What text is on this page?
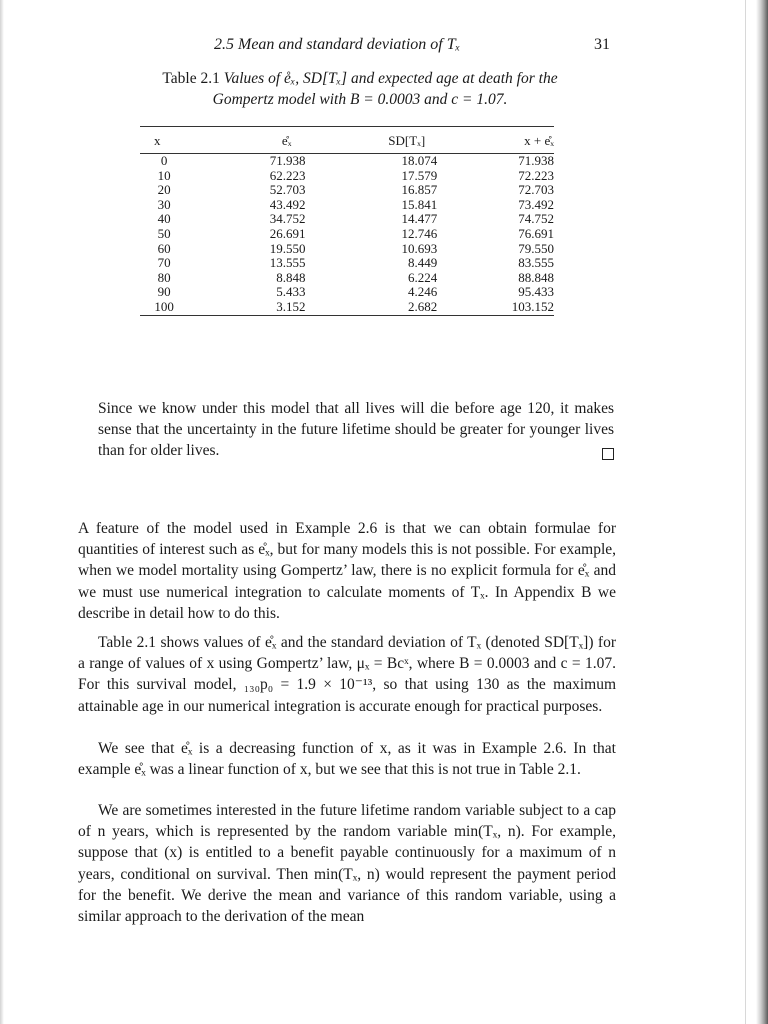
2.5 Mean and standard deviation of Tₓ	31
Table 2.1 Values of e̊ₓ, SD[Tₓ] and expected age at death for the Gompertz model with B = 0.0003 and c = 1.07.
x	e̊ₓ	SD[Tₓ]	x + e̊ₓ
0	71.938	18.074	71.938
10	62.223	17.579	72.223
20	52.703	16.857	72.703
30	43.492	15.841	73.492
40	34.752	14.477	74.752
50	26.691	12.746	76.691
60	19.550	10.693	79.550
70	13.555	8.449	83.555
80	8.848	6.224	88.848
90	5.433	4.246	95.433
100	3.152	2.682	103.152
Since we know under this model that all lives will die before age 120, it makes sense that the uncertainty in the future lifetime should be greater for younger lives than for older lives.
A feature of the model used in Example 2.6 is that we can obtain formulae for quantities of interest such as e̊ₓ, but for many models this is not possible. For example, when we model mortality using Gompertz’ law, there is no explicit formula for e̊ₓ and we must use numerical integration to calculate moments of Tₓ. In Appendix B we describe in detail how to do this.
Table 2.1 shows values of e̊ₓ and the standard deviation of Tₓ (denoted SD[Tₓ]) for a range of values of x using Gompertz’ law, μₓ = Bcˣ, where B = 0.0003 and c = 1.07. For this survival model, ₁₃₀p₀ = 1.9 × 10⁻¹³, so that using 130 as the maximum attainable age in our numerical integration is accurate enough for practical purposes.
We see that e̊ₓ is a decreasing function of x, as it was in Example 2.6. In that example e̊ₓ was a linear function of x, but we see that this is not true in Table 2.1.
We are sometimes interested in the future lifetime random variable subject to a cap of n years, which is represented by the random variable min(Tₓ, n). For example, suppose that (x) is entitled to a benefit payable continuously for a maximum of n years, conditional on survival. Then min(Tₓ, n) would represent the payment period for the benefit. We derive the mean and variance of this random variable, using a similar approach to the derivation of the mean
